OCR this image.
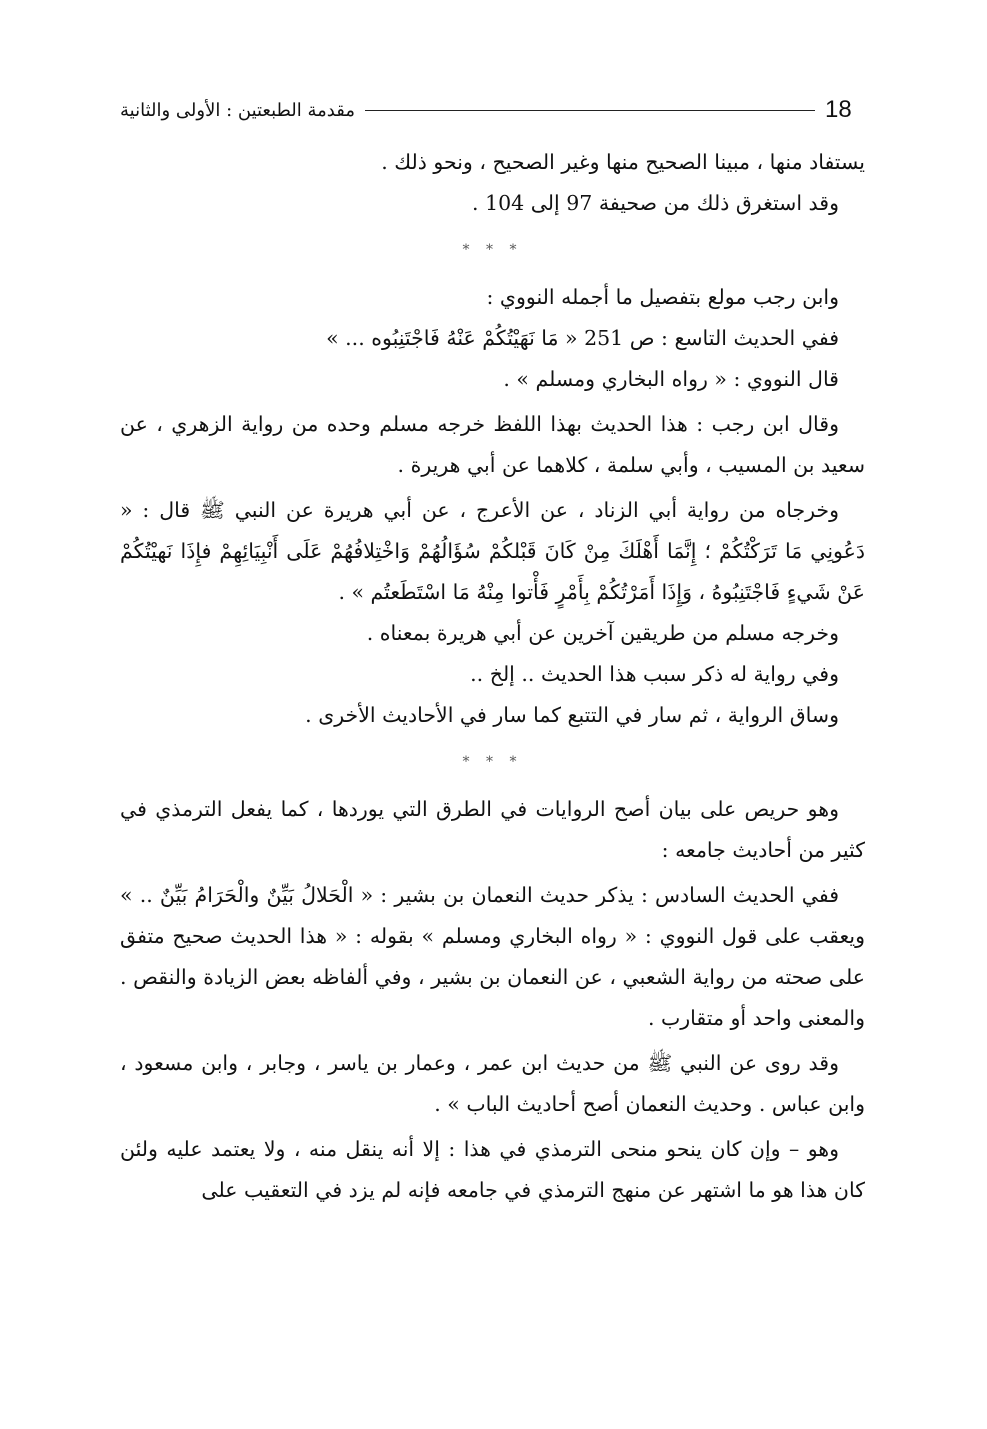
18
مقدمة الطبعتين : الأولى والثانية

يستفاد منها ، مبينا الصحيح منها وغير الصحيح ، ونحو ذلك .

وقد استغرق ذلك من صحيفة 97 إلى 104 .

* * *

وابن رجب مولع بتفصيل ما أجمله النووي :

ففي الحديث التاسع : ص 251 « مَا نَهَيْتُكُمْ عَنْهُ فَاجْتَنِبُوه ... »

قال النووي : « رواه البخاري ومسلم » .

وقال ابن رجب : هذا الحديث بهذا اللفظ خرجه مسلم وحده من رواية الزهري ، عن سعيد بن المسيب ، وأبي سلمة ، كلاهما عن أبي هريرة .

وخرجاه من رواية أبي الزناد ، عن الأعرج ، عن أبي هريرة عن النبي ﷺ قال : « دَعُونِي مَا تَرَكْتُكُمْ ؛ إِنَّمَا أَهْلَكَ مِنْ كَانَ قَبْلكُمْ سُؤَالُهُمْ وَاخْتِلافُهُمْ عَلَى أَنْبِيَائِهِمْ فإِذَا نَهيْتُكُمْ عَنْ شَيءٍ فَاجْتَنِبُوهُ ، وَإِذَا أَمَرْتُكُمْ بِأَمْرٍ فَأْتوا مِنْهُ مَا اسْتَطَعتُم » .

وخرجه مسلم من طريقين آخرين عن أبي هريرة بمعناه .

وفي رواية له ذكر سبب هذا الحديث .. إلخ ..

وساق الرواية ، ثم سار في التتبع كما سار في الأحاديث الأخرى .

* * *

وهو حريص على بيان أصح الروايات في الطرق التي يوردها ، كما يفعل الترمذي في كثير من أحاديث جامعه :

ففي الحديث السادس : يذكر حديث النعمان بن بشير : « الْحَلالُ بَيِّنٌ والْحَرَامُ بَيِّنٌ .. » ويعقب على قول النووي : « رواه البخاري ومسلم » بقوله : « هذا الحديث صحيح متفق على صحته من رواية الشعبي ، عن النعمان بن بشير ، وفي ألفاظه بعض الزيادة والنقص . والمعنى واحد أو متقارب .

وقد روى عن النبي ﷺ من حديث ابن عمر ، وعمار بن ياسر ، وجابر ، وابن مسعود ، وابن عباس . وحديث النعمان أصح أحاديث الباب » .

وهو – وإن كان ينحو منحى الترمذي في هذا : إلا أنه ينقل منه ، ولا يعتمد عليه ولئن كان هذا هو ما اشتهر عن منهج الترمذي في جامعه فإنه لم يزد في التعقيب على
